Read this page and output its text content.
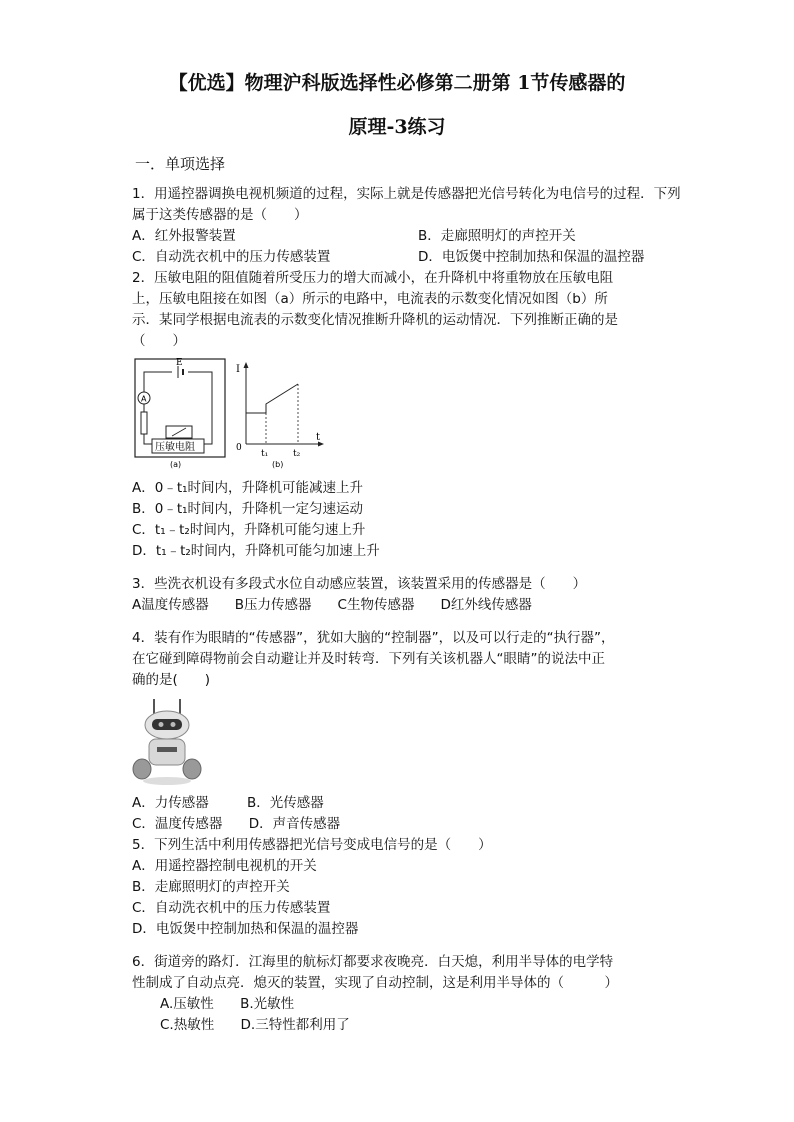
【优选】物理沪科版选择性必修第二册第 1节传感器的
原理-3练习
一．单项选择
1．用遥控器调换电视机频道的过程，实际上就是传感器把光信号转化为电信号的过程．下列属于这类传感器的是（　　）
A．红外报警装置	B．走廊照明灯的声控开关
C．自动洗衣机中的压力传感装置	D．电饭煲中控制加热和保温的温控器
2．压敏电阻的阻值随着所受压力的增大而减小，在升降机中将重物放在压敏电阻
上，压敏电阻接在如图（a）所示的电路中，电流表的示数变化情况如图（b）所
示．某同学根据电流表的示数变化情况推断升降机的运动情况．下列推断正确的是
（　　）
E
A
压敏电阻
(a)
I
t
0
t₁	t₂
(b)
A．0﹣t₁时间内，升降机可能减速上升
B．0﹣t₁时间内，升降机一定匀速运动
C．t₁﹣t₂时间内，升降机可能匀速上升
D．t₁﹣t₂时间内，升降机可能匀加速上升
3．些洗衣机设有多段式水位自动感应装置，该装置采用的传感器是（　　）
A温度传感器 B压力传感器 C生物传感器 D红外线传感器
4．装有作为眼睛的“传感器”，犹如大脑的“控制器”，以及可以行走的“执行器”，
在它碰到障碍物前会自动避让并及时转弯．下列有关该机器人“眼睛”的说法中正
确的是(　　)
A．力传感器	B．光传感器
C．温度传感器 D．声音传感器
5．下列生活中利用传感器把光信号变成电信号的是（　　）
A．用遥控器控制电视机的开关
B．走廊照明灯的声控开关
C．自动洗衣机中的压力传感装置
D．电饭煲中控制加热和保温的温控器
6．街道旁的路灯．江海里的航标灯都要求夜晚亮．白天熄，利用半导体的电学特
性制成了自动点亮．熄灭的装置，实现了自动控制，这是利用半导体的（　　　）
A.压敏性 B.光敏性
C.热敏性 D.三特性都利用了
